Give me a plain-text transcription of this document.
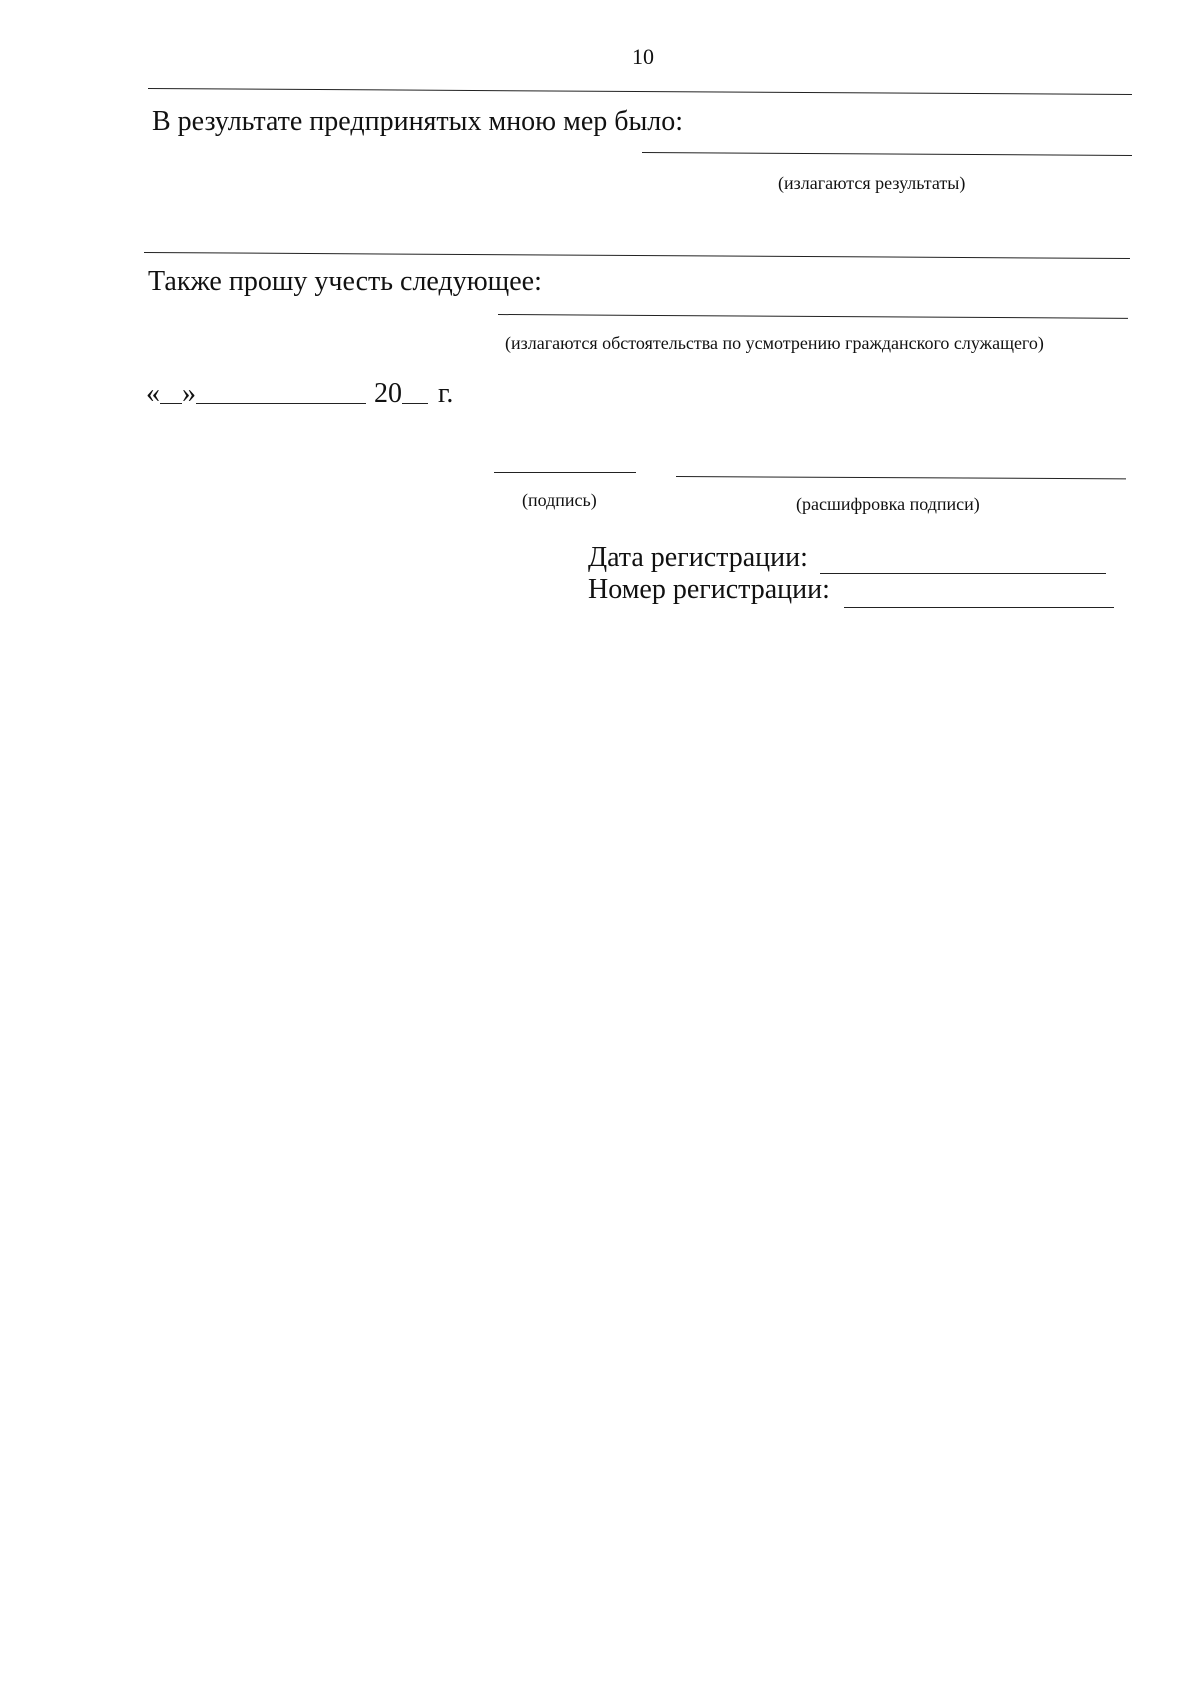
10
В результате предпринятых мною мер было:
(излагаются результаты)
Также прошу учесть следующее:
(излагаются обстоятельства по усмотрению гражданского служащего)
« »	20 г.
(подпись)	(расшифровка подписи)
Дата регистрации:
Номер регистрации:
